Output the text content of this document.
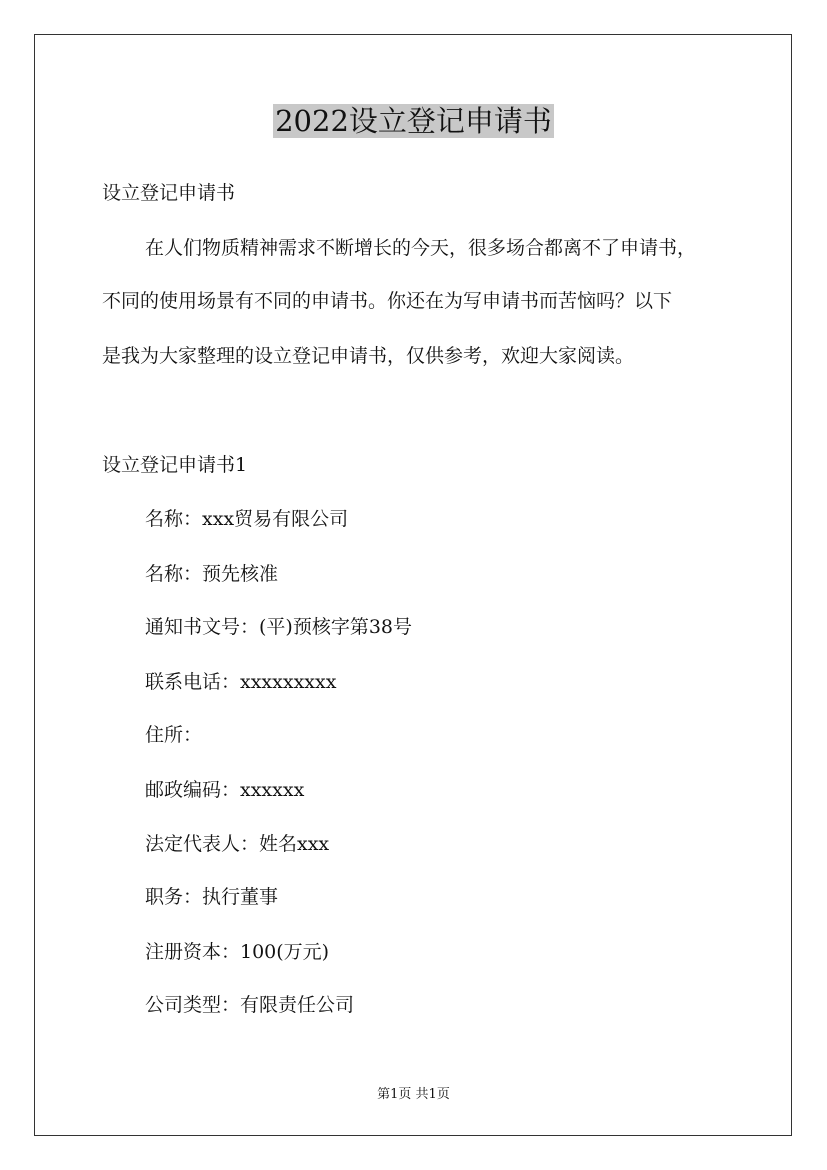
2022设立登记申请书
设立登记申请书
在人们物质精神需求不断增长的今天，很多场合都离不了申请书，
不同的使用场景有不同的申请书。你还在为写申请书而苦恼吗？以下
是我为大家整理的设立登记申请书，仅供参考，欢迎大家阅读。
设立登记申请书1
名称：xxx贸易有限公司
名称：预先核准
通知书文号：(平)预核字第38号
联系电话：xxxxxxxxx
住所：
邮政编码：xxxxxx
法定代表人：姓名xxx
职务：执行董事
注册资本：100(万元)
公司类型：有限责任公司
第1页 共1页
